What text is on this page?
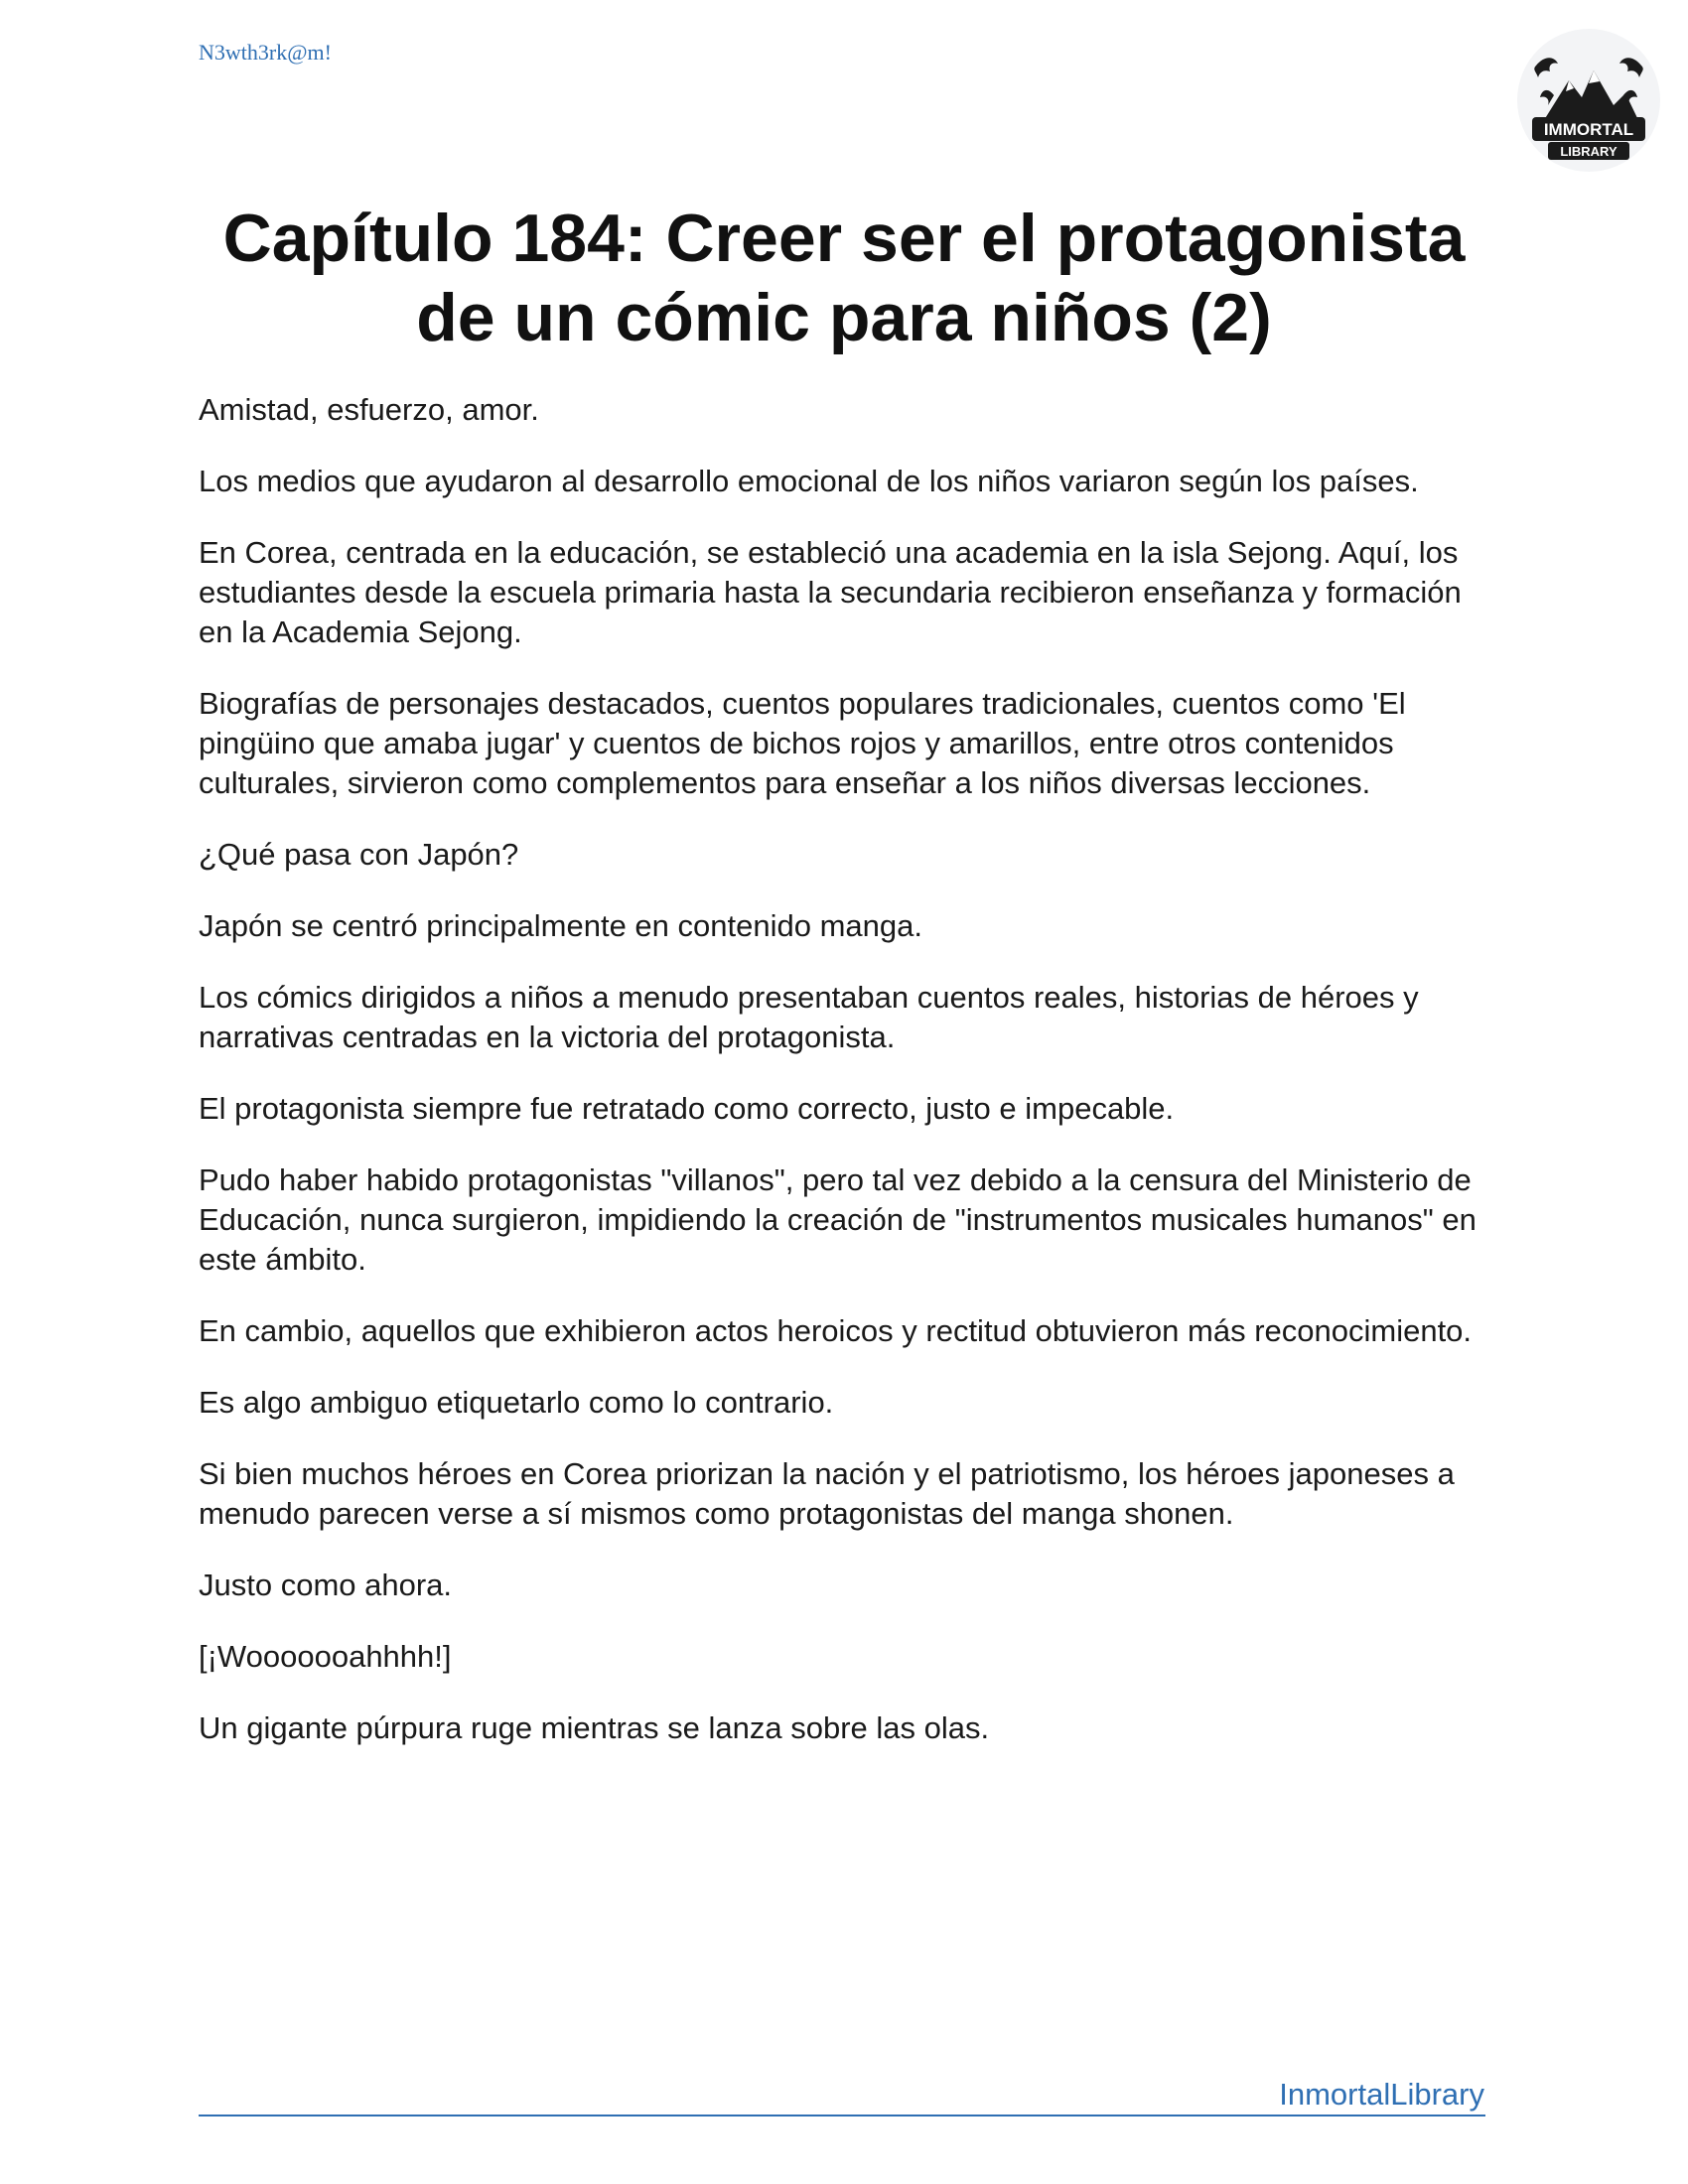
N3wth3rk@m!
IMMORTAL
LIBRARY
Capítulo 184: Creer ser el protagonista
de un cómic para niños (2)

Amistad, esfuerzo, amor.

Los medios que ayudaron al desarrollo emocional de los niños variaron según los países.

En Corea, centrada en la educación, se estableció una academia en la isla Sejong. Aquí, los estudiantes desde la escuela primaria hasta la secundaria recibieron enseñanza y formación en la Academia Sejong.

Biografías de personajes destacados, cuentos populares tradicionales, cuentos como 'El pingüino que amaba jugar' y cuentos de bichos rojos y amarillos, entre otros contenidos culturales, sirvieron como complementos para enseñar a los niños diversas lecciones.

¿Qué pasa con Japón?

Japón se centró principalmente en contenido manga.

Los cómics dirigidos a niños a menudo presentaban cuentos reales, historias de héroes y narrativas centradas en la victoria del protagonista.

El protagonista siempre fue retratado como correcto, justo e impecable.

Pudo haber habido protagonistas "villanos", pero tal vez debido a la censura del Ministerio de Educación, nunca surgieron, impidiendo la creación de "instrumentos musicales humanos" en este ámbito.

En cambio, aquellos que exhibieron actos heroicos y rectitud obtuvieron más reconocimiento.

Es algo ambiguo etiquetarlo como lo contrario.

Si bien muchos héroes en Corea priorizan la nación y el patriotismo, los héroes japoneses a menudo parecen verse a sí mismos como protagonistas del manga shonen.

Justo como ahora.

[¡Wooooooahhhh!]

Un gigante púrpura ruge mientras se lanza sobre las olas.

InmortalLibrary
